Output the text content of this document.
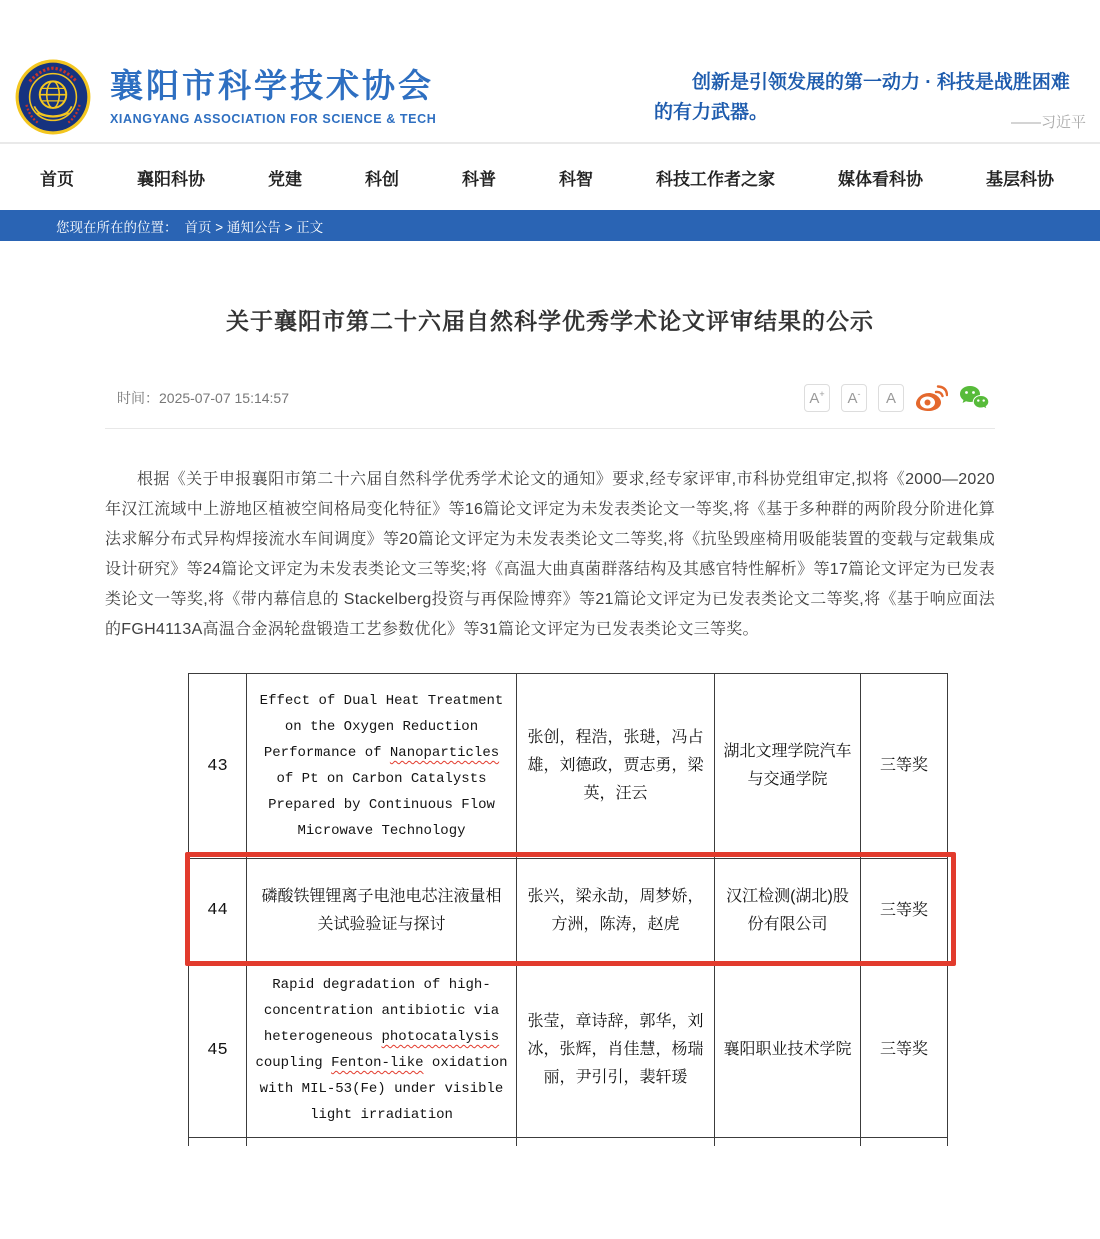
襄阳市科学技术协会
XIANGYANG ASSOCIATION FOR SCIENCE & TECH
创新是引领发展的第一动力 · 科技是战胜困难的有力武器。	——习近平
首页	襄阳科协	党建	科创	科普	科智	科技工作者之家	媒体看科协	基层科协
您现在所在的位置： 首页 > 通知公告 > 正文
关于襄阳市第二十六届自然科学优秀学术论文评审结果的公示
时间：2025-07-07 15:14:57	A +	A -	A

根据《关于申报襄阳市第二十六届自然科学优秀学术论文的通知》要求,经专家评审,市科协党组审定,拟将《2000—2020年汉江流域中上游地区植被空间格局变化特征》等16篇论文评定为未发表类论文一等奖,将《基于多种群的两阶段分阶进化算法求解分布式异构焊接流水车间调度》等20篇论文评定为未发表类论文二等奖,将《抗坠毁座椅用吸能装置的变载与定载集成设计研究》等24篇论文评定为未发表类论文三等奖;将《高温大曲真菌群落结构及其感官特性解析》等17篇论文评定为已发表类论文一等奖,将《带内幕信息的 Stackelberg投资与再保险博弈》等21篇论文评定为已发表类论文二等奖,将《基于响应面法的FGH4113A高温合金涡轮盘锻造工艺参数优化》等31篇论文评定为已发表类论文三等奖。

43	Effect of Dual Heat Treatment on the Oxygen Reduction Performance of Nanoparticles of Pt on Carbon Catalysts Prepared by Continuous Flow Microwave Technology	张创，程浩，张琎，冯占雄，刘德政，贾志勇，梁英，汪云	湖北文理学院汽车与交通学院	三等奖
44	磷酸铁锂锂离子电池电芯注液量相关试验验证与探讨	张兴，梁永劼，周梦娇，方洲，陈涛，赵虎	汉江检测(湖北)股份有限公司	三等奖
45	Rapid degradation of high-concentration antibiotic via heterogeneous photocatalysis coupling Fenton-like oxidation with MIL-53(Fe) under visible light irradiation	张莹，章诗辞，郭华，刘冰，张辉，肖佳慧，杨瑞丽，尹引引，裴轩瑗	襄阳职业技术学院	三等奖
